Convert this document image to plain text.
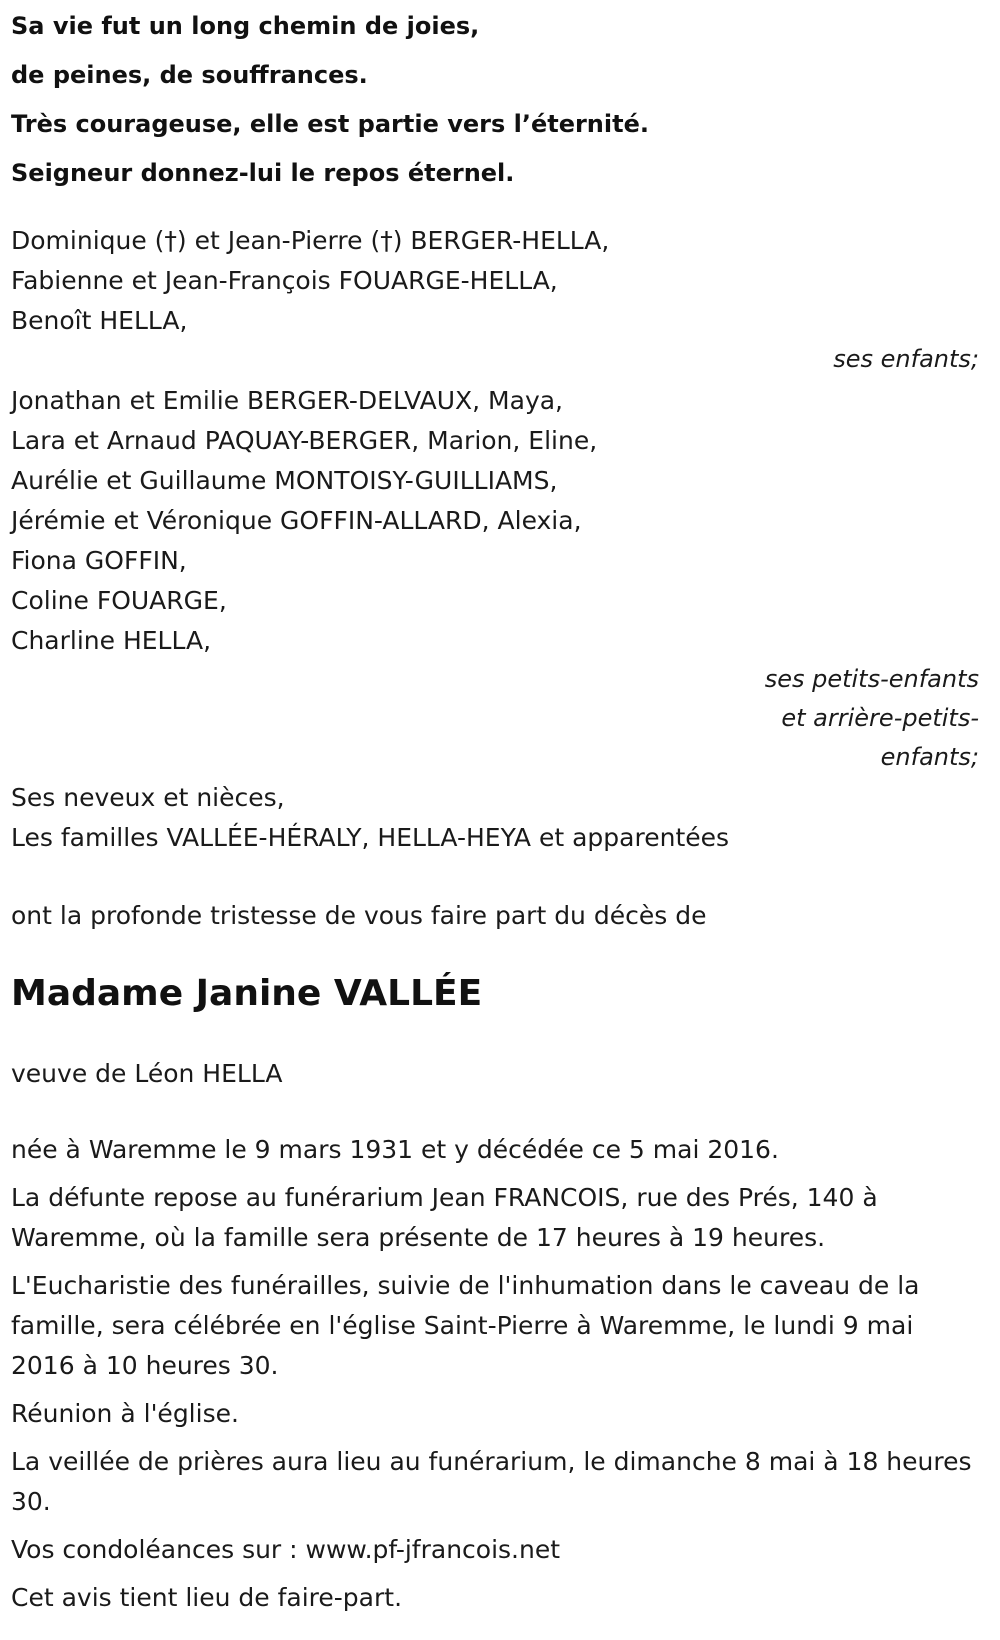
Sa vie fut un long chemin de joies,
de peines, de souffrances.
Très courageuse, elle est partie vers l’éternité.
Seigneur donnez-lui le repos éternel.
Dominique (†) et Jean-Pierre (†) BERGER-HELLA,
Fabienne et Jean-François FOUARGE-HELLA,
Benoît HELLA,
ses enfants;
Jonathan et Emilie BERGER-DELVAUX, Maya,
Lara et Arnaud PAQUAY-BERGER, Marion, Eline,
Aurélie et Guillaume MONTOISY-GUILLIAMS,
Jérémie et Véronique GOFFIN-ALLARD, Alexia,
Fiona GOFFIN,
Coline FOUARGE,
Charline HELLA,
ses petits-enfants
et arrière-petits-
enfants;
Ses neveux et nièces,
Les familles VALLÉE-HÉRALY, HELLA-HEYA et apparentées
ont la profonde tristesse de vous faire part du décès de
Madame Janine VALLÉE
veuve de Léon HELLA

née à Waremme le 9 mars 1931 et y décédée ce 5 mai 2016.

La défunte repose au funérarium Jean FRANCOIS, rue des Prés, 140 à Waremme, où la famille sera présente de 17 heures à 19 heures.

L'Eucharistie des funérailles, suivie de l'inhumation dans le caveau de la famille, sera célébrée en l'église Saint-Pierre à Waremme, le lundi 9 mai 2016 à 10 heures 30.

Réunion à l'église.

La veillée de prières aura lieu au funérarium, le dimanche 8 mai à 18 heures 30.

Vos condoléances sur : www.pf-jfrancois.net

Cet avis tient lieu de faire-part.
